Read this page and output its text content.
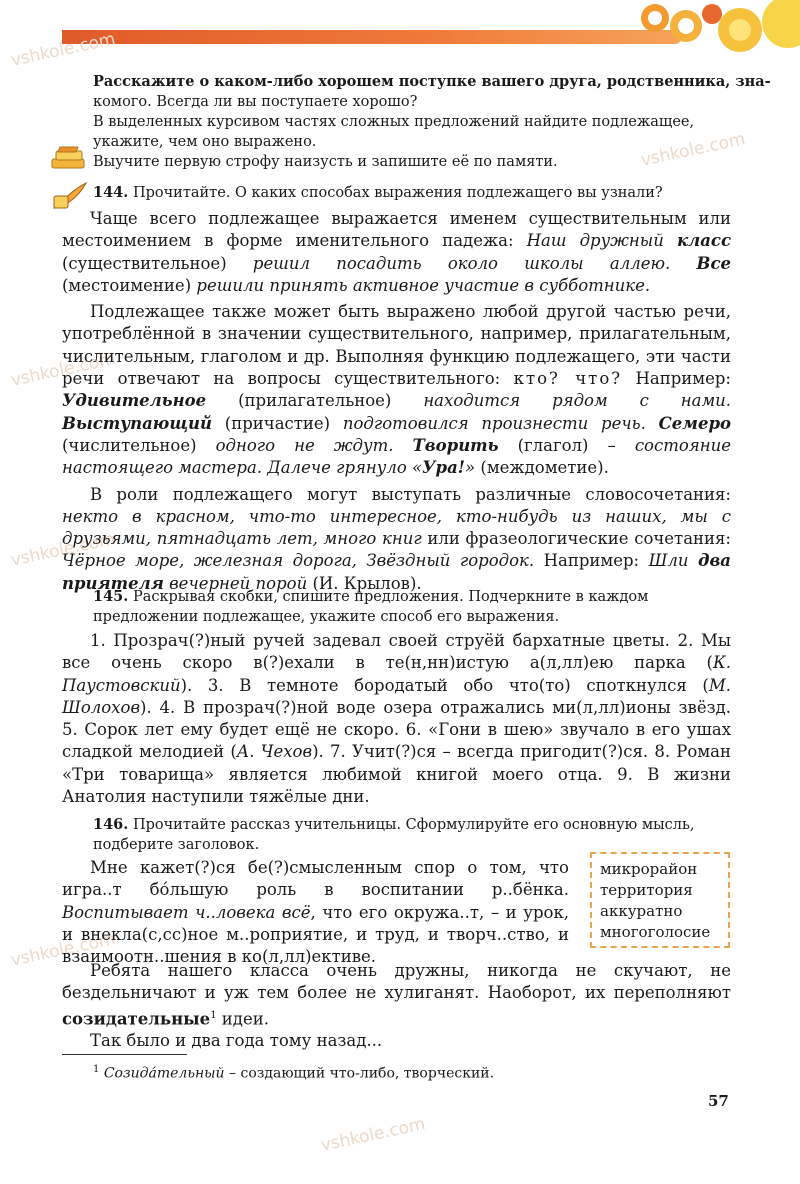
vshkole.com
vshkole.com
vshkole.com
vshkole.com
vshkole.com
vshkole.com

Расскажите о каком-либо хорошем поступке вашего друга, родственника, зна-

комого. Всегда ли вы поступаете хорошо?

В выделенных курсивом частях сложных предложений найдите подлежащее, укажите, чем оно выражено.

Выучите первую строфу наизусть и запишите её по памяти.

144. Прочитайте. О каких способах выражения подлежащего вы узнали?

Чаще всего подлежащее выражается именем существительным или местоимением в форме именительного падежа: Наш дружный класс (существительное) решил посадить около школы аллею. Все (местоимение) решили принять активное участие в субботнике.

Подлежащее также может быть выражено любой другой частью речи, употреблённой в значении существительного, например, прилагательным, числительным, глаголом и др. Выполняя функцию подлежащего, эти части речи отвечают на вопросы существительного: кто? что? Например: Удивительное (прилагательное) находится рядом с нами. Выступающий (причастие) подготовился произнести речь. Семеро (числительное) одного не ждут. Творить (глагол) – состояние настоящего мастера. Далече грянуло «Ура!» (междометие).

В роли подлежащего могут выступать различные словосочетания: некто в красном, что-то интересное, кто-нибудь из наших, мы с друзьями, пятнадцать лет, много книг или фразеологические сочетания: Чёрное море, железная дорога, Звёздный городок. Например: Шли два приятеля вечерней порой (И. Крылов).

145. Раскрывая скобки, спишите предложения. Подчеркните в каждом предложении подлежащее, укажите способ его выражения.

1. Прозрач(?)ный ручей задевал своей струёй бархатные цветы. 2. Мы все очень скоро в(?)ехали в те(н,нн)истую а(л,лл)ею парка (К. Паустовский). 3. В темноте бородатый обо что(то) споткнулся (М. Шолохов). 4. В прозрач(?)ной воде озера отражались ми(л,лл)ионы звёзд. 5. Сорок лет ему будет ещё не скоро. 6. «Гони в шею» звучало в его ушах сладкой мелодией (А. Чехов). 7. Учит(?)ся – всегда пригодит(?)ся. 8. Роман «Три товарища» является любимой книгой моего отца. 9. В жизни Анатолия наступили тяжёлые дни.

146. Прочитайте рассказ учительницы. Сформулируйте его основную мысль, подберите заголовок.

Мне кажет(?)ся бе(?)смысленным спор о том, что игра..т бо́льшую роль в воспитании р..бёнка. Воспитывает ч..ловека всё, что его окружа..т, – и урок, и внекла(с,сс)ное м..роприятие, и труд, и творч..ство, и взаимоотн..шения в ко(л,лл)ективе.

микрорайон
территория
аккуратно
многоголосие

Ребята нашего класса очень дружны, никогда не скучают, не бездельничают и уж тем более не хулиганят. Наоборот, их переполняют созидательные$^1$ идеи.

Так было и два года тому назад...

$^1$ Созида́тельный – создающий что-либо, творческий.
57
